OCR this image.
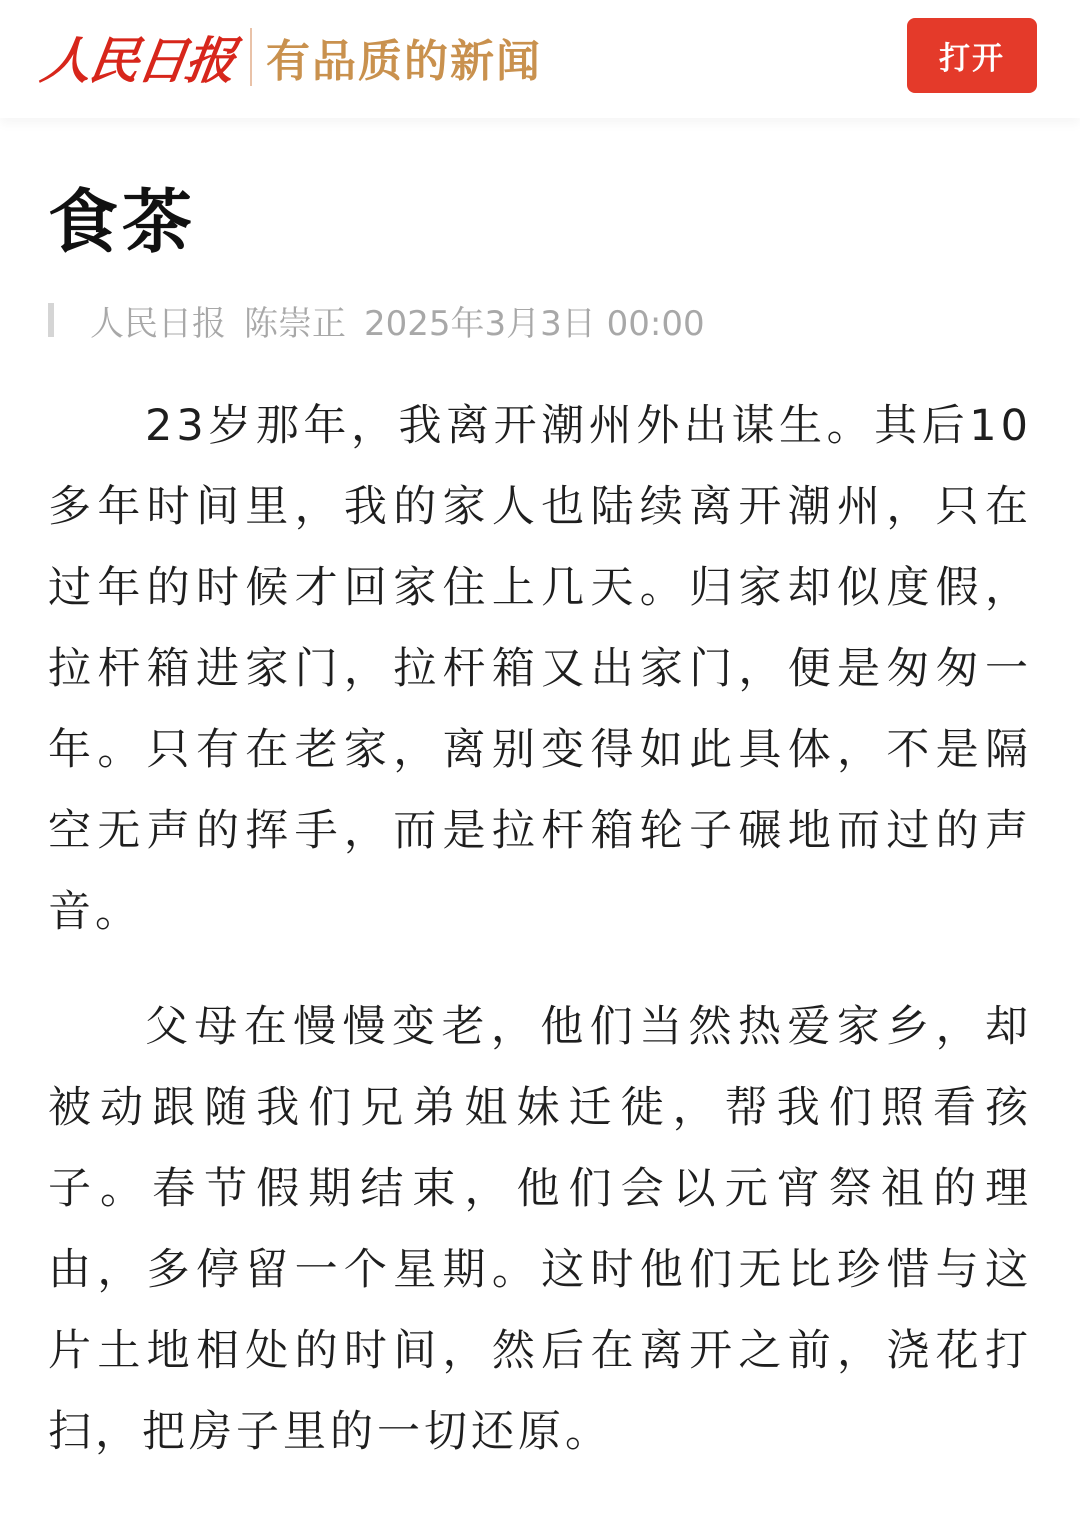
人民日报 有品质的新闻	打开
食茶
人民日报 陈崇正 2025年3月3日 00:00

23岁那年，我离开潮州外出谋生。其后10多年时间里，我的家人也陆续离开潮州，只在过年的时候才回家住上几天。归家却似度假，拉杆箱进家门，拉杆箱又出家门，便是匆匆一年。只有在老家，离别变得如此具体，不是隔空无声的挥手，而是拉杆箱轮子碾地而过的声音。

父母在慢慢变老，他们当然热爱家乡，却被动跟随我们兄弟姐妹迁徙，帮我们照看孩子。春节假期结束，他们会以元宵祭祖的理由，多停留一个星期。这时他们无比珍惜与这片土地相处的时间，然后在离开之前，浇花打扫，把房子里的一切还原。
